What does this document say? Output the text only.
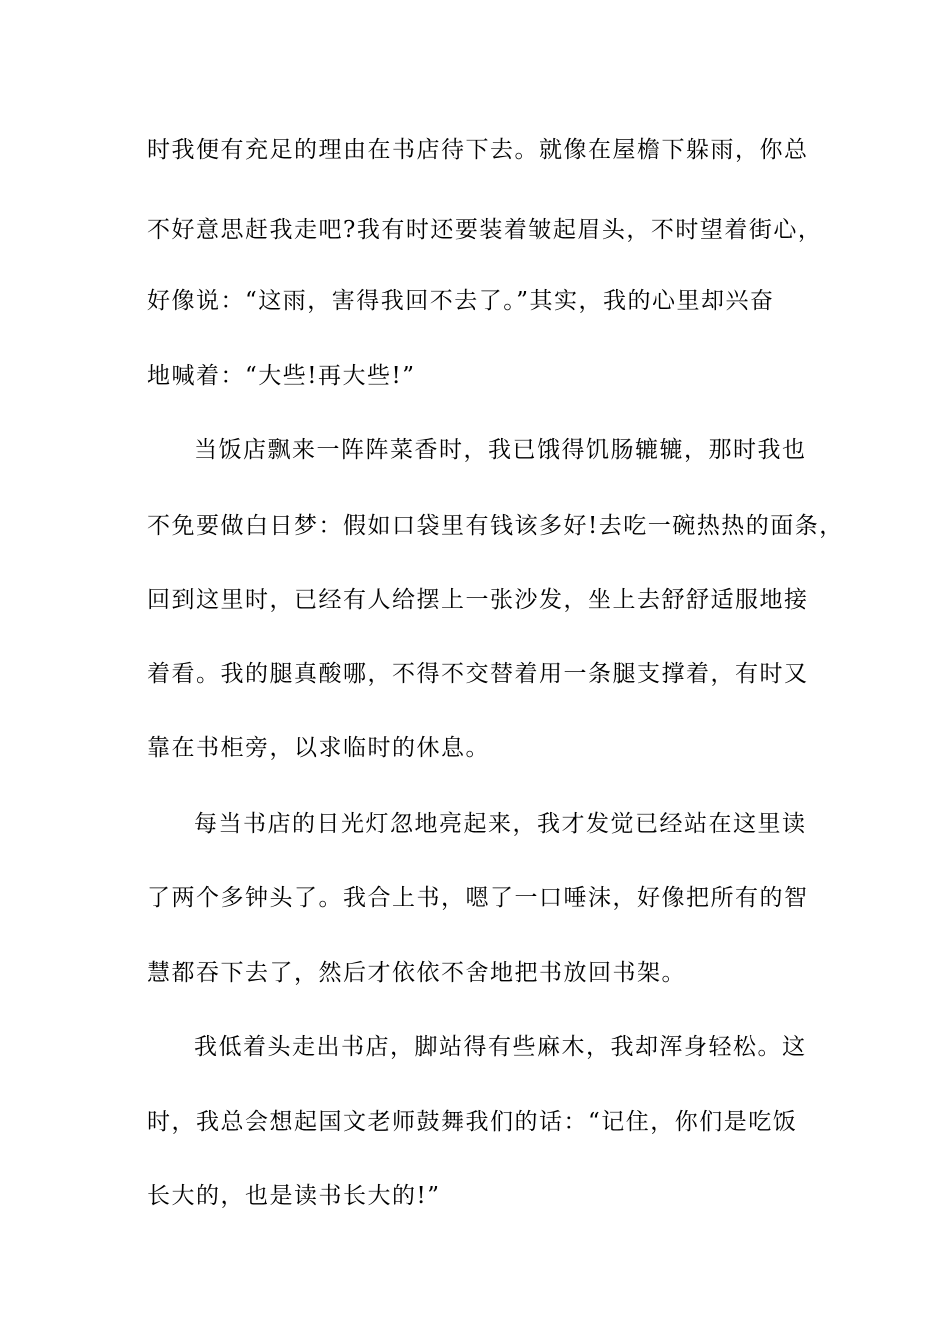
时我便有充足的理由在书店待下去。就像在屋檐下躲雨，你总
不好意思赶我走吧?我有时还要装着皱起眉头，不时望着街心，
好像说：“这雨，害得我回不去了。”其实，我的心里却兴奋
地喊着：“大些!再大些!”
当饭店飘来一阵阵菜香时，我已饿得饥肠辘辘，那时我也
不免要做白日梦：假如口袋里有钱该多好!去吃一碗热热的面条，
回到这里时，已经有人给摆上一张沙发，坐上去舒舒适服地接
着看。我的腿真酸哪，不得不交替着用一条腿支撑着，有时又
靠在书柜旁，以求临时的休息。
每当书店的日光灯忽地亮起来，我才发觉已经站在这里读
了两个多钟头了。我合上书，嗯了一口唾沫，好像把所有的智
慧都吞下去了，然后才依依不舍地把书放回书架。
我低着头走出书店，脚站得有些麻木，我却浑身轻松。这
时，我总会想起国文老师鼓舞我们的话：“记住，你们是吃饭
长大的，也是读书长大的!”
